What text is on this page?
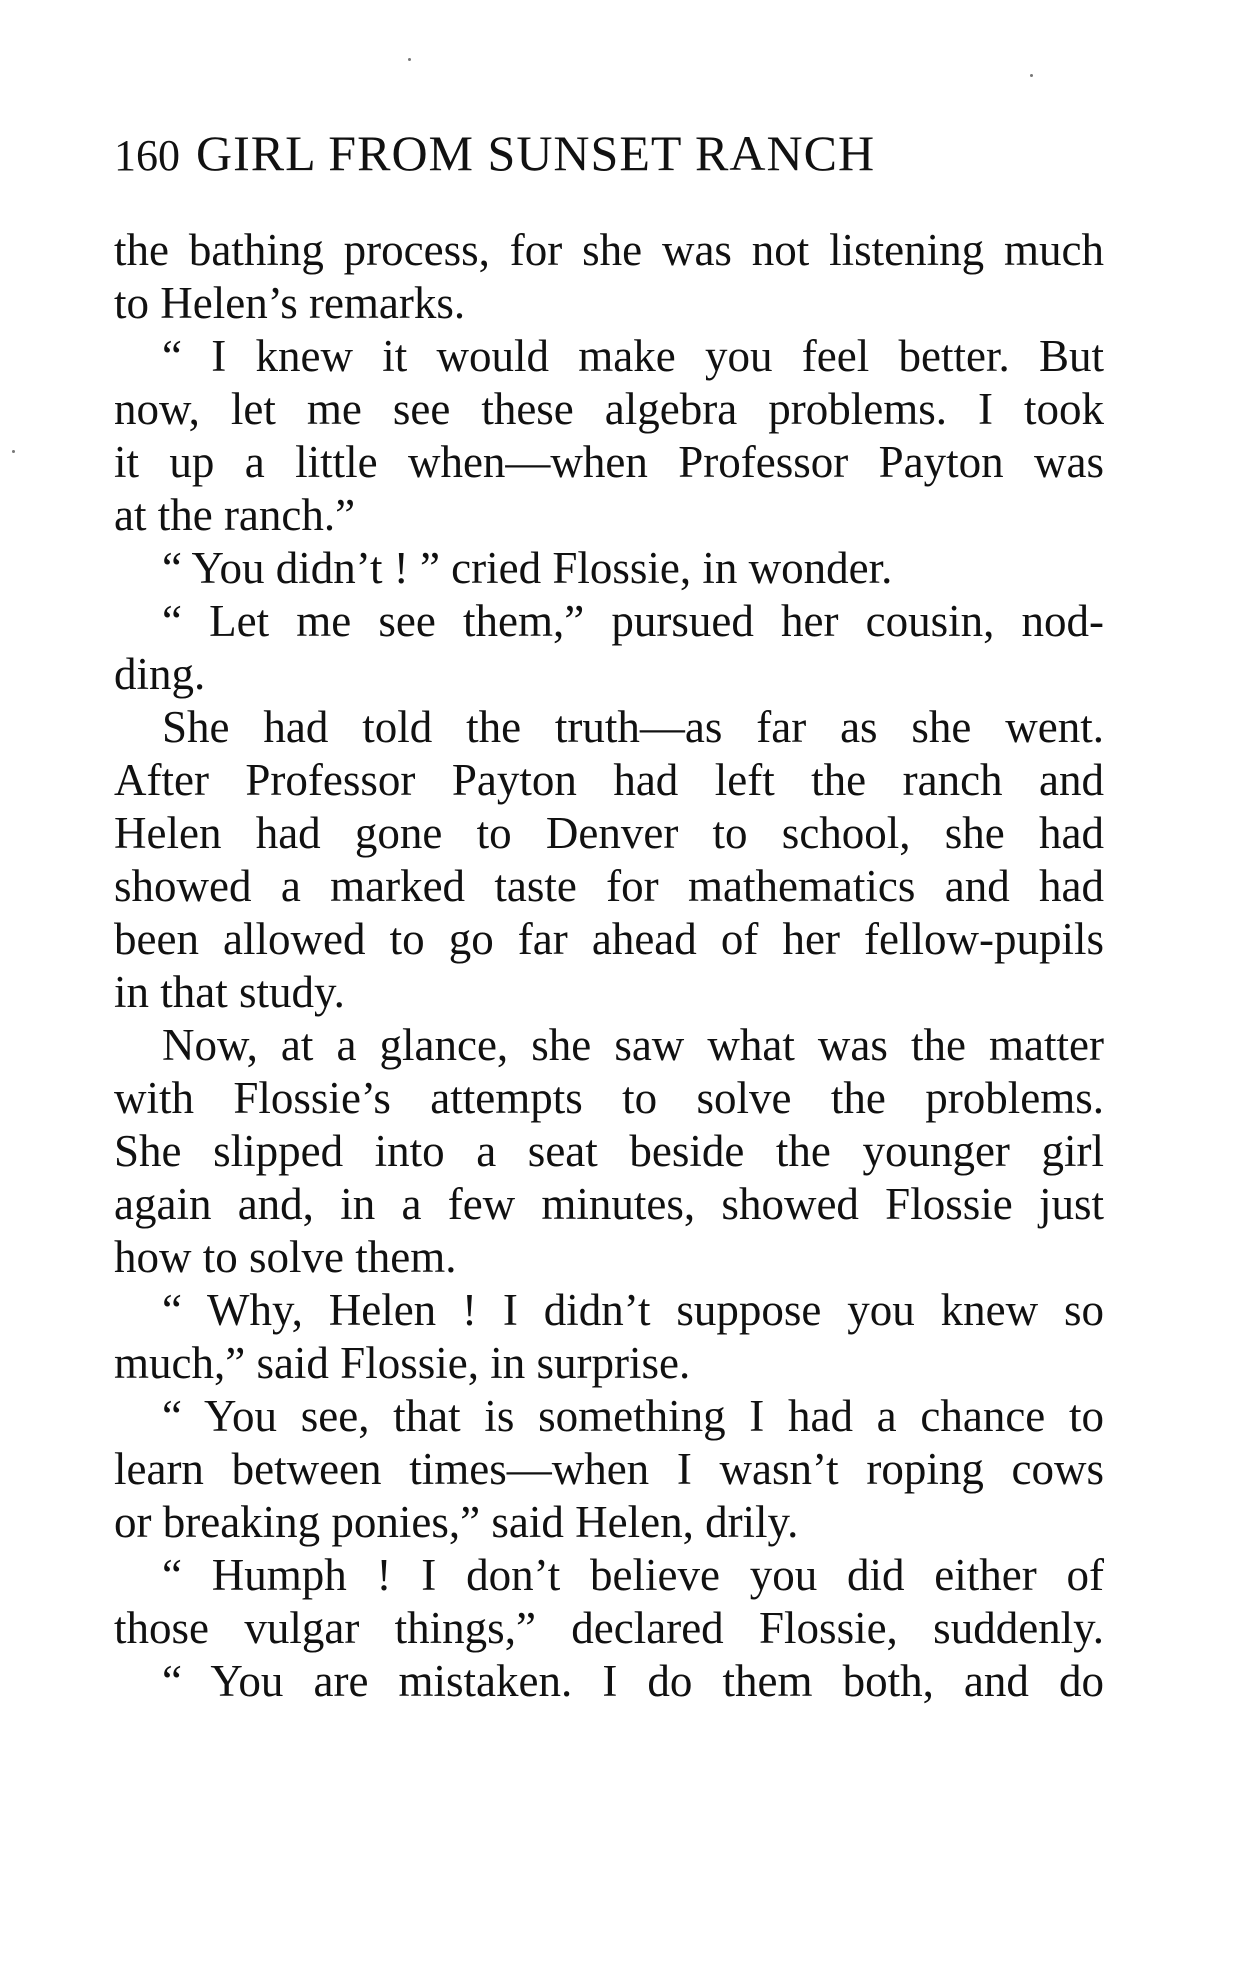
160 GIRL FROM SUNSET RANCH
the bathing process, for she was not listening much
to Helen’s remarks.
“ I knew it would make you feel better. But
now, let me see these algebra problems. I took
it up a little when—when Professor Payton was
at the ranch.”
“ You didn’t ! ” cried Flossie, in wonder.
“ Let me see them,” pursued her cousin, nod-
ding.
She had told the truth—as far as she went.
After Professor Payton had left the ranch and
Helen had gone to Denver to school, she had
showed a marked taste for mathematics and had
been allowed to go far ahead of her fellow-pupils
in that study.
Now, at a glance, she saw what was the matter
with Flossie’s attempts to solve the problems.
She slipped into a seat beside the younger girl
again and, in a few minutes, showed Flossie just
how to solve them.
“ Why, Helen ! I didn’t suppose you knew so
much,” said Flossie, in surprise.
“ You see, that is something I had a chance to
learn between times—when I wasn’t roping cows
or breaking ponies,” said Helen, drily.
“ Humph ! I don’t believe you did either of
those vulgar things,” declared Flossie, suddenly.
“ You are mistaken. I do them both, and do
